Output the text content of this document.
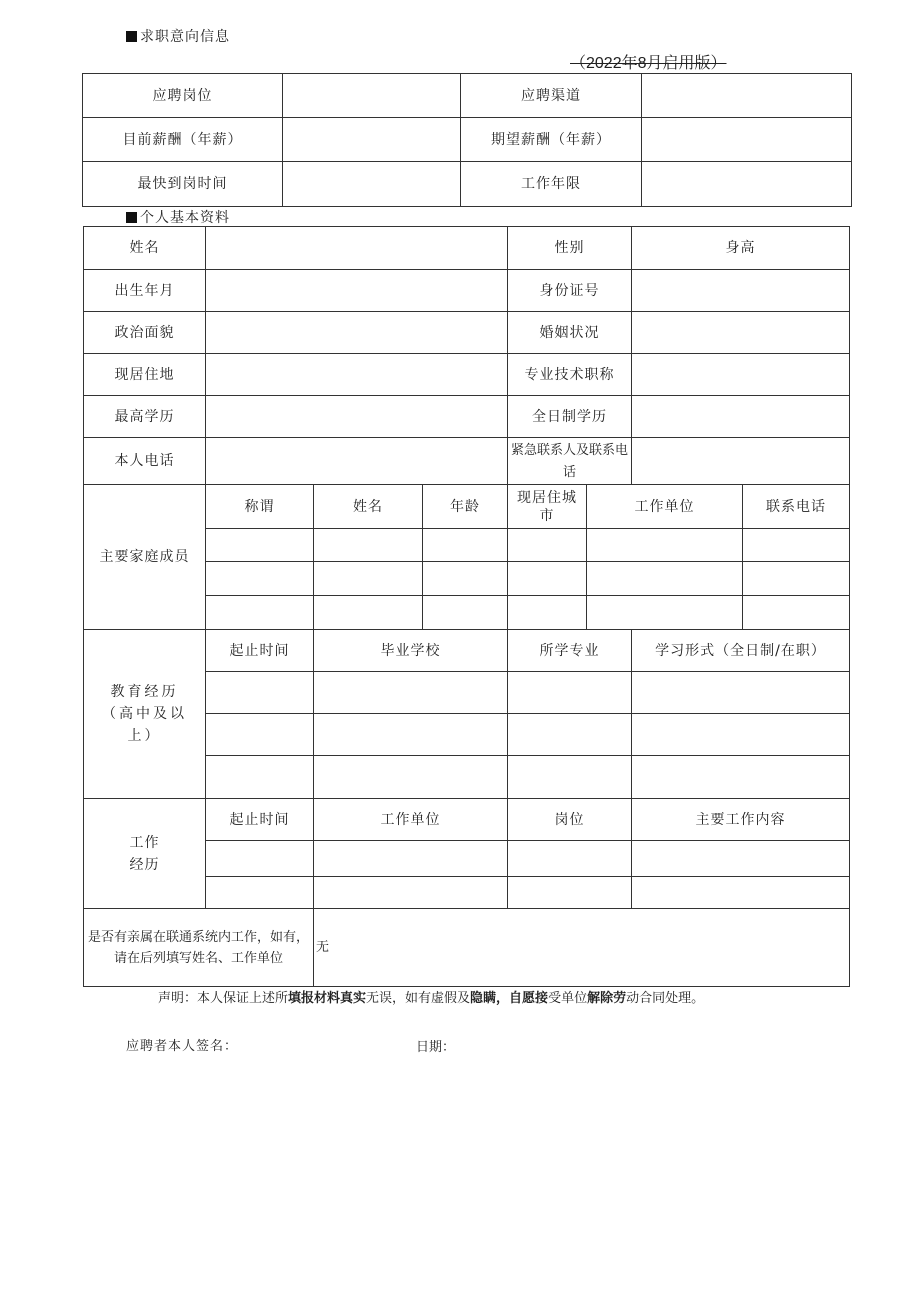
求职意向信息
（2022年8月启用版）
应聘岗位		应聘渠道	
目前薪酬（年薪）		期望薪酬（年薪）	
最快到岗时间		工作年限	
个人基本资料
姓名				性别		身高	
出生年月				身份证号			
政治面貌				婚姻状况			
现居住地				专业技术职称			
最高学历				全日制学历			
本人电话				紧急联系人及联系电话			
主要家庭成员	称谓	姓名	年龄	现居住城市	工作单位		联系电话

教育经历（高中及以上）	起止时间	毕业学校		所学专业		学习形式（全日制/在职）	

工作经历	起止时间	工作单位		岗位		主要工作内容	

是否有亲属在联通系统内工作，如有，请在后列填写姓名、工作单位
无							

声明：本人保证上述所填报材料真实无误，如有虚假及隐瞒，自愿接受单位解除劳动合同处理。
应聘者本人签名：	日期：
